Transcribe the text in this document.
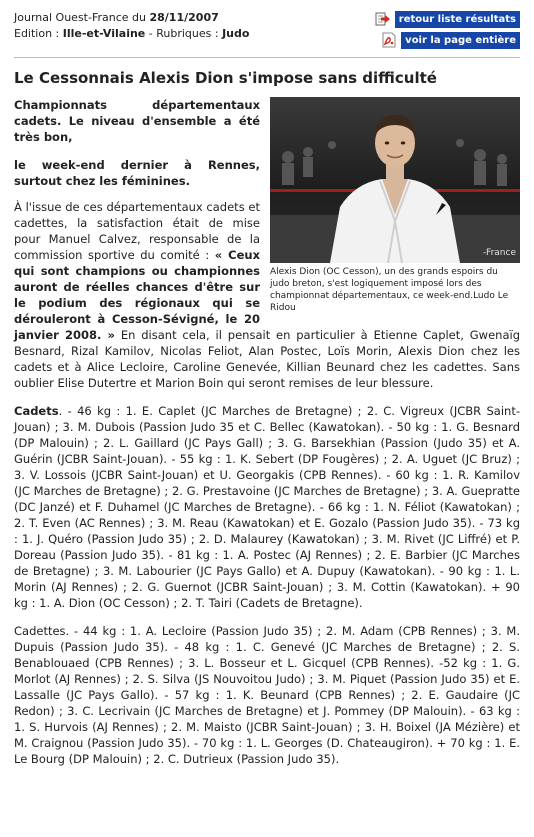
Journal Ouest-France du 28/11/2007
Edition : Ille-et-Vilaine - Rubriques : Judo
retour liste résultats
voir la page entière
Le Cessonnais Alexis Dion s'impose sans difficulté
-France

Alexis Dion (OC Cesson), un des grands espoirs du judo breton, s'est logiquement imposé lors des championnat départementaux, ce week-end.Ludo Le Ridou

Championnats départementaux cadets. Le niveau d'ensemble a été très bon,

le week-end dernier à Rennes, surtout chez les féminines.

À l'issue de ces départementaux cadets et cadettes, la satisfaction était de mise pour Manuel Calvez, responsable de la commission sportive du comité : « Ceux qui sont champions ou championnes auront de réelles chances d'être sur le podium des régionaux qui se dérouleront à Cesson-Sévigné, le 20 janvier 2008. » En disant cela, il pensait en particulier à Etienne Caplet, Gwenaïg Besnard, Rizal Kamilov, Nicolas Feliot, Alan Postec, Loïs Morin, Alexis Dion chez les cadets et à Alice Lecloire, Caroline Genevée, Killian Beunard chez les cadettes. Sans oublier Elise Dutertre et Marion Boin qui seront remises de leur blessure.

Cadets. - 46 kg : 1. E. Caplet (JC Marches de Bretagne) ; 2. C. Vigreux (JCBR Saint-Jouan) ; 3. M. Dubois (Passion Judo 35 et C. Bellec (Kawatokan). - 50 kg : 1. G. Besnard (DP Malouin) ; 2. L. Gaillard (JC Pays Gall) ; 3. G. Barsekhian (Passion (Judo 35) et A. Guérin (JCBR Saint-Jouan). - 55 kg : 1. K. Sebert (DP Fougères) ; 2. A. Uguet (JC Bruz) ; 3. V. Lossois (JCBR Saint-Jouan) et U. Georgakis (CPB Rennes). - 60 kg : 1. R. Kamilov (JC Marches de Bretagne) ; 2. G. Prestavoine (JC Marches de Bretagne) ; 3. A. Gueprattе (DC Janzé) et F. Duhamel (JC Marches de Bretagne). - 66 kg : 1. N. Féliot (Kawatokan) ; 2. T. Even (AC Rennes) ; 3. M. Reau (Kawatokan) et E. Gozalo (Passion Judo 35). - 73 kg : 1. J. Quéro (Passion Judo 35) ; 2. D. Malaurey (Kawatokan) ; 3. M. Rivet (JC Liffré) et P. Doreau (Passion Judo 35). - 81 kg : 1. A. Postec (AJ Rennes) ; 2. E. Barbier (JC Marches de Bretagne) ; 3. M. Labourier (JC Pays Gallo) et A. Dupuy (Kawatokan). - 90 kg : 1. L. Morin (AJ Rennes) ; 2. G. Guernot (JCBR Saint-Jouan) ; 3. M. Cottin (Kawatokan). + 90 kg : 1. A. Dion (OC Cesson) ; 2. T. Tairi (Cadets de Bretagne).

Cadettes. - 44 kg : 1. A. Lecloire (Passion Judo 35) ; 2. M. Adam (CPB Rennes) ; 3. M. Dupuis (Passion Judo 35). - 48 kg : 1. C. Genevé (JC Marches de Bretagne) ; 2. S. Benablouaed (CPB Rennes) ; 3. L. Bosseur et L. Gicquel (CPB Rennes). -52 kg : 1. G. Morlot (AJ Rennes) ; 2. S. Silva (JS Nouvoitou Judo) ; 3. M. Piquet (Passion Judo 35) et E. Lassalle (JC Pays Gallo). - 57 kg : 1. K. Beunard (CPB Rennes) ; 2. E. Gaudaire (JC Redon) ; 3. C. Lecrivain (JC Marches de Bretagne) et J. Pommey (DP Malouin). - 63 kg : 1. S. Hurvois (AJ Rennes) ; 2. M. Maisto (JCBR Saint-Jouan) ; 3. H. Boixel (JA Mézière) et M. Craignou (Passion Judo 35). - 70 kg : 1. L. Georges (D. Chateaugiron). + 70 kg : 1. E. Le Bourg (DP Malouin) ; 2. C. Dutrieux (Passion Judo 35).
